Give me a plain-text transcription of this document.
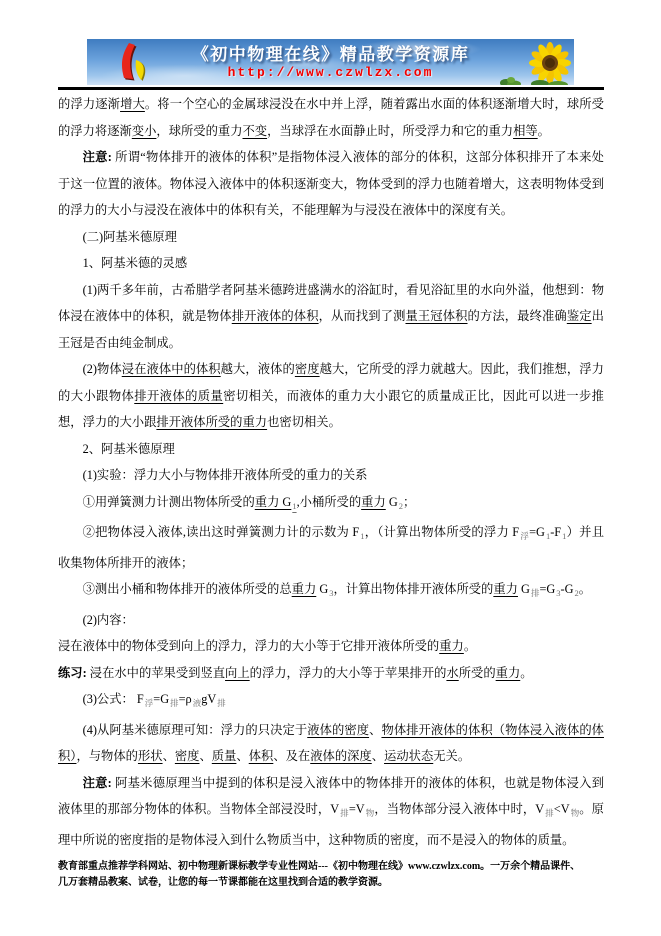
《初中物理在线》精品教学资源库
http://www.czwlzx.com

的浮力逐渐增大。将一个空心的金属球浸没在水中并上浮，随着露出水面的体积逐渐增大时，球所受的浮力将逐渐变小，球所受的重力不变，当球浮在水面静止时，所受浮力和它的重力相等。

注意: 所谓“物体排开的液体的体积”是指物体浸入液体的部分的体积，这部分体积排开了本来处于这一位置的液体。物体浸入液体中的体积逐渐变大，物体受到的浮力也随着增大，这表明物体受到的浮力的大小与浸没在液体中的体积有关，不能理解为与浸没在液体中的深度有关。

(二)阿基米德原理

1、阿基米德的灵感

(1)两千多年前，古希腊学者阿基米德跨进盛满水的浴缸时，看见浴缸里的水向外溢，他想到：物体浸在液体中的体积，就是物体排开液体的体积，从而找到了测量王冠体积的方法，最终准确鉴定出王冠是否由纯金制成。

(2)物体浸在液体中的体积越大，液体的密度越大，它所受的浮力就越大。因此，我们推想，浮力的大小跟物体排开液体的质量密切相关，而液体的重力大小跟它的质量成正比，因此可以进一步推想，浮力的大小跟排开液体所受的重力也密切相关。

2、阿基米德原理

(1)实验：浮力大小与物体排开液体所受的重力的关系

①用弹簧测力计测出物体所受的重力 $G_1$,小桶所受的重力 $G_2$；

②把物体浸入液体,读出这时弹簧测力计的示数为 $F_1$，（计算出物体所受的浮力 $F_浮=G_1-F_1$）并且收集物体所排开的液体；

③测出小桶和物体排开的液体所受的总重力 $G_3$，计算出物体排开液体所受的重力 $G_排=G_3-G_2$。

(2)内容：

浸在液体中的物体受到向上的浮力，浮力的大小等于它排开液体所受的重力。

练习: 浸在水中的苹果受到竖直向上的浮力，浮力的大小等于苹果排开的水所受的重力。

(3)公式： $F_浮=G_排=\rho_液gV_排$

(4)从阿基米德原理可知：浮力的只决定于液体的密度、物体排开液体的体积（物体浸入液体的体积），与物体的形状、密度、质量、体积、及在液体的深度、运动状态无关。

注意: 阿基米德原理当中提到的体积是浸入液体中的物体排开的液体的体积，也就是物体浸入到液体里的那部分物体的体积。当物体全部浸没时，$V_排=V_物$，当物体部分浸入液体中时，$V_排<V_物$。原理中所说的密度指的是物体浸入到什么物质当中，这种物质的密度，而不是浸入的物体的质量。

教育部重点推荐学科网站、初中物理新课标教学专业性网站---《初中物理在线》www.czwlzx.com。一万余个精品课件、

几万套精品教案、试卷，让您的每一节课都能在这里找到合适的教学资源。
